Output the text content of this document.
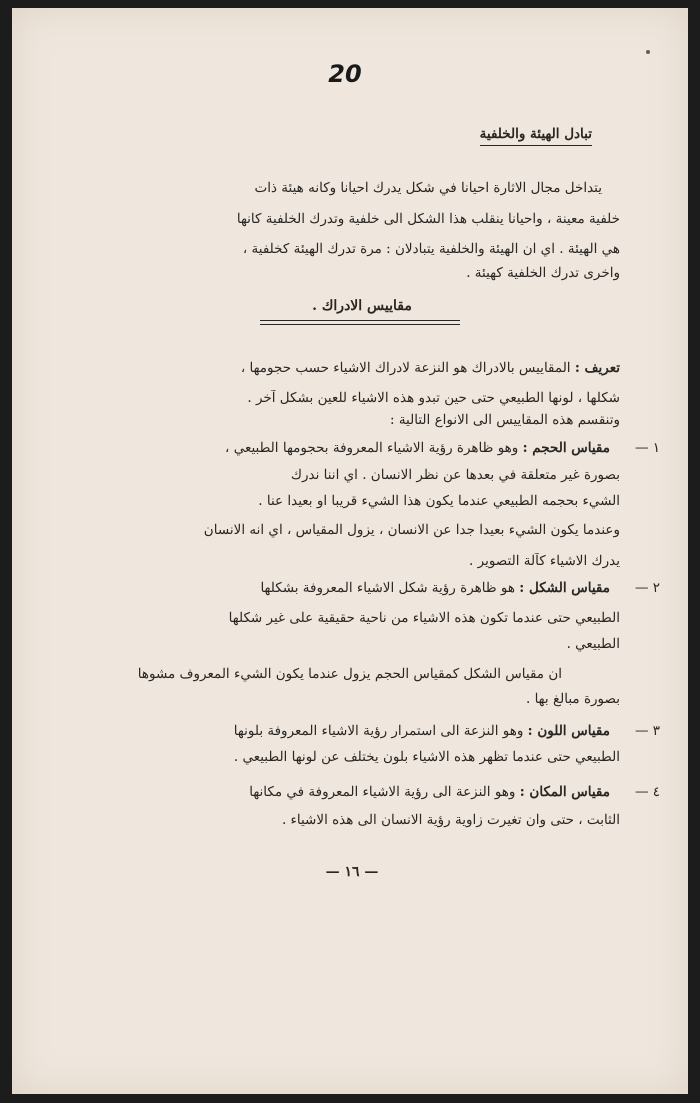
20
تبادل الهيئة والخلفية
يتداخل مجال الاثارة احيانا في شكل يدرك احيانا وكانه هيئة ذات
خلفية معينة ، واحيانا ينقلب هذا الشكل الى خلفية وتدرك الخلفية كانها
هي الهيئة . اي ان الهيئة والخلفية يتبادلان : مرة تدرك الهيئة كخلفية ،
واخرى تدرك الخلفية كهيئة .
مقاييس الادراك .
تعريف : المقاييس بالادراك هو النزعة لادراك الاشياء حسب حجومها ،
شكلها ، لونها الطبيعي حتى حين تبدو هذه الاشياء للعين بشكل آخر .
وتنقسم هذه المقاييس الى الانواع التالية :
١ —
مقياس الحجم : وهو ظاهرة رؤية الاشياء المعروفة بحجومها الطبيعي ،
بصورة غير متعلقة في بعدها عن نظر الانسان . اي اننا ندرك
الشيء بحجمه الطبيعي عندما يكون هذا الشيء قريبا او بعيدا عنا .
وعندما يكون الشيء بعيدا جدا عن الانسان ، يزول المقياس ، اي انه الانسان
يدرك الاشياء كآلة التصوير .
٢ —
مقياس الشكل : هو ظاهرة رؤية شكل الاشياء المعروفة بشكلها
الطبيعي حتى عندما تكون هذه الاشياء من ناحية حقيقية على غير شكلها
الطبيعي .
ان مقياس الشكل كمقياس الحجم يزول عندما يكون الشيء المعروف مشوها
بصورة مبالغ بها .
٣ —
مقياس اللون : وهو النزعة الى استمرار رؤية الاشياء المعروفة بلونها
الطبيعي حتى عندما تظهر هذه الاشياء بلون يختلف عن لونها الطبيعي .
٤ —
مقياس المكان : وهو النزعة الى رؤية الاشياء المعروفة في مكانها
الثابت ، حتى وان تغيرت زاوية رؤية الانسان الى هذه الاشياء .
— ١٦ —
